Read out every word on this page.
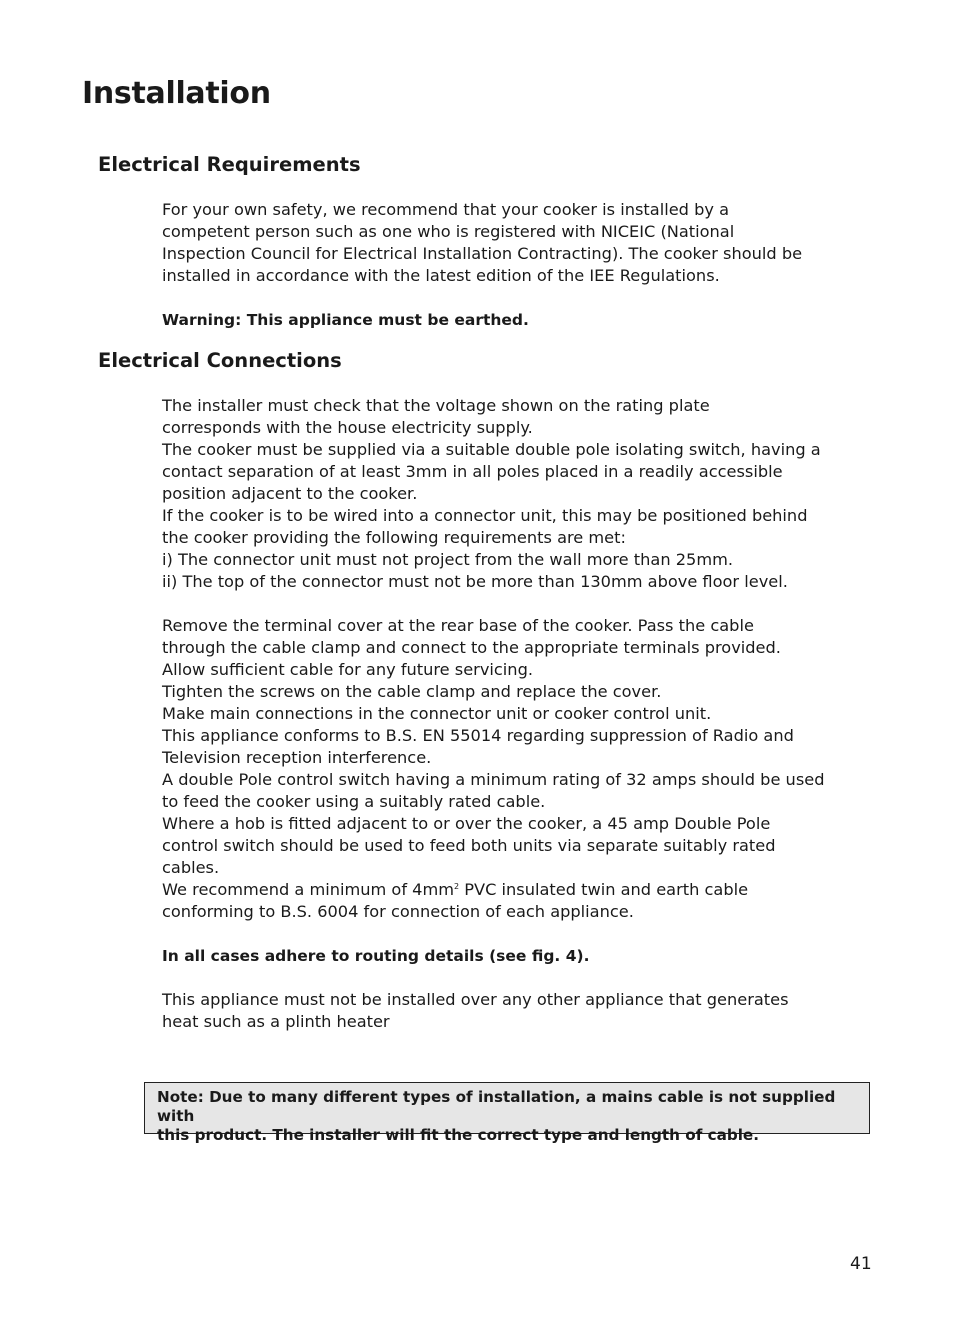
Installation
Electrical Requirements

For your own safety, we recommend that your cooker is installed by a

competent person such as one who is registered with NICEIC (National

Inspection Council for Electrical Installation Contracting). The cooker should be

installed in accordance with the latest edition of the IEE Regulations.

Warning: This appliance must be earthed.

Electrical Connections

The installer must check that the voltage shown on the rating plate

corresponds with the house electricity supply.

The cooker must be supplied via a suitable double pole isolating switch, having a

contact separation of at least 3mm in all poles placed in a readily accessible

position adjacent to the cooker.

If the cooker is to be wired into a connector unit, this may be positioned behind

the cooker providing the following requirements are met:

i) The connector unit must not project from the wall more than 25mm.

ii) The top of the connector must not be more than 130mm above floor level.

Remove the terminal cover at the rear base of the cooker. Pass the cable

through the cable clamp and connect to the appropriate terminals provided.

Allow sufficient cable for any future servicing.

Tighten the screws on the cable clamp and replace the cover.

Make main connections in the connector unit or cooker control unit.

This appliance conforms to B.S. EN 55014 regarding suppression of Radio and

Television reception interference.

A double Pole control switch having a minimum rating of 32 amps should be used

to feed the cooker using a suitably rated cable.

Where a hob is fitted adjacent to or over the cooker, a 45 amp Double Pole

control switch should be used to feed both units via separate suitably rated

cables.

We recommend a minimum of $4mm^2$ PVC insulated twin and earth cable

conforming to B.S. 6004 for connection of each appliance.

In all cases adhere to routing details (see fig. 4).

This appliance must not be installed over any other appliance that generates

heat such as a plinth heater

Note: Due to many different types of installation, a mains cable is not supplied with
this product. The installer will fit the correct type and length of cable.
41
